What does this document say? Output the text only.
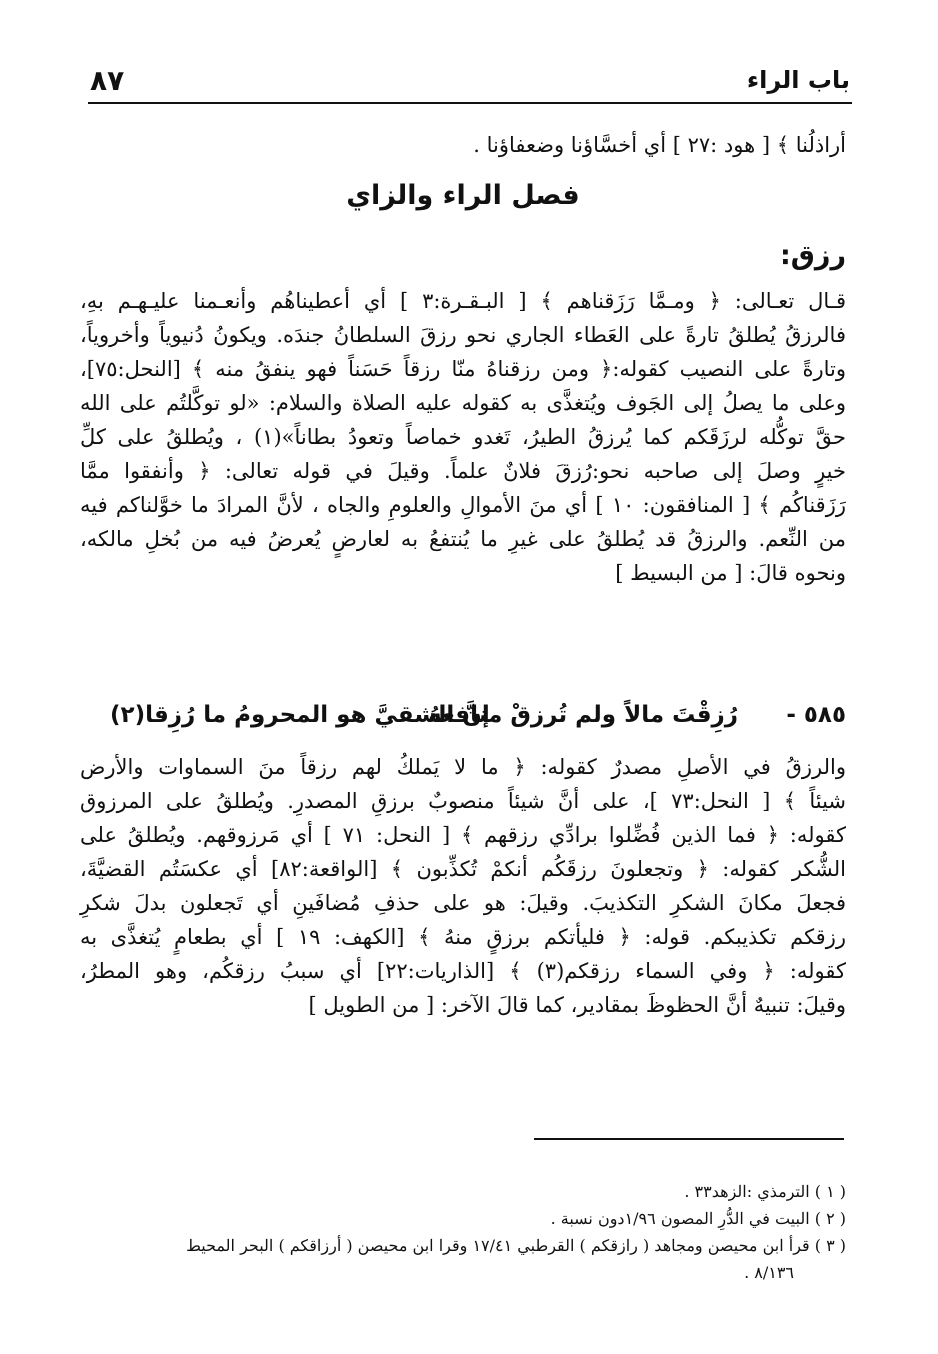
٨٧	باب الراء
أراذلُنا ﴾ [ هود :٢٧ ] أي أخسَّاؤنا وضعفاؤنا .
فصل الراء والزاي
رزق:
قـال تعـالى: ﴿ ومـمَّا رَزَقناهم ﴾ [ البـقـرة:٣ ] أي أعطيناهُم وأنعـمنا عليـهـم بهِ،
فالرزقُ يُطلقُ تارةً على العَطاء الجاري نحو رزقَ السلطانُ جندَه. ويكونُ دُنيوياً وأخروياً،
وتارةً على النصيب كقوله:﴿ ومن رزقناهُ منّا رزقاً حَسَناً فهو ينفقُ منه ﴾ [النحل:٧٥]،
وعلى ما يصلُ إلى الجَوف ويُتغذَّى به كقوله عليه الصلاة والسلام: «لو توكَّلتُم على الله
حقَّ توكُّله لرزَقَكم كما يُرزقُ الطيرُ، تَغدو خماصاً وتعودُ بطاناً»(١) ، ويُطلقُ على كلِّ
خيرٍ وصلَ إلى صاحبه نحو:رُزقَ فلانٌ علماً. وقيلَ في قوله تعالى: ﴿ وأنفقوا ممَّا
رَزَقناكُم ﴾ [ المنافقون: ١٠ ] أي منَ الأموالِ والعلومِ والجاه ، لأنَّ المرادَ ما خوَّلناكم فيه
من النِّعم. والرزقُ قد يُطلقُ على غيرِ ما يُنتفعُ به لعارضٍ يُعرضُ فيه من بُخلِ مالكه،
ونحوه قالَ: [ من البسيط ]
٥٨٥ -
رُزِقْتَ مالاً ولم تُرزقْ منافعهُ
إنَّ الشقيَّ هو المحرومُ ما رُزِقا(٢)
والرزقُ في الأصلِ مصدرٌ كقوله: ﴿ ما لا يَملكُ لهم رزقاً منَ السماوات والأرض
شيئاً ﴾ [ النحل:٧٣ ]، على أنَّ شيئاً منصوبٌ برزقِ المصدرِ. ويُطلقُ على المرزوق
كقوله: ﴿ فما الذين فُضِّلوا برادِّي رزقهم ﴾ [ النحل: ٧١ ] أي مَرزوقهم. ويُطلقُ على
الشُّكر كقوله: ﴿ وتجعلونَ رزقَكُم أنكمْ تُكذِّبون ﴾ [الواقعة:٨٢] أي عكسَتُم القضيَّةَ،
فجعلَ مكانَ الشكرِ التكذيبَ. وقيلَ: هو على حذفِ مُضافَينِ أي تَجعلون بدلَ شكرِ
رزقكم تكذيبكم. قوله: ﴿ فليأتكم برزقٍ منهُ ﴾ [الكهف: ١٩ ] أي بطعامٍ يُتغذَّى به
كقوله: ﴿ وفي السماء رزقكم(٣) ﴾ [الذاريات:٢٢] أي سببُ رزقكُم، وهو المطرُ،
وقيلَ: تنبيهٌ أنَّ الحظوظَ بمقادير، كما قالَ الآخر: [ من الطويل ]
( ١ ) الترمذي :الزهد٣٣ .
( ٢ ) البيت في الدُّرِ المصون ١/٩٦دون نسبة .
( ٣ ) قرأ ابن محيصن ومجاهد ( رازقكم ) القرطبي ١٧/٤١ وقرا ابن محيصن ( أرزاقكم ) البحر المحيط
٨/١٣٦ .
